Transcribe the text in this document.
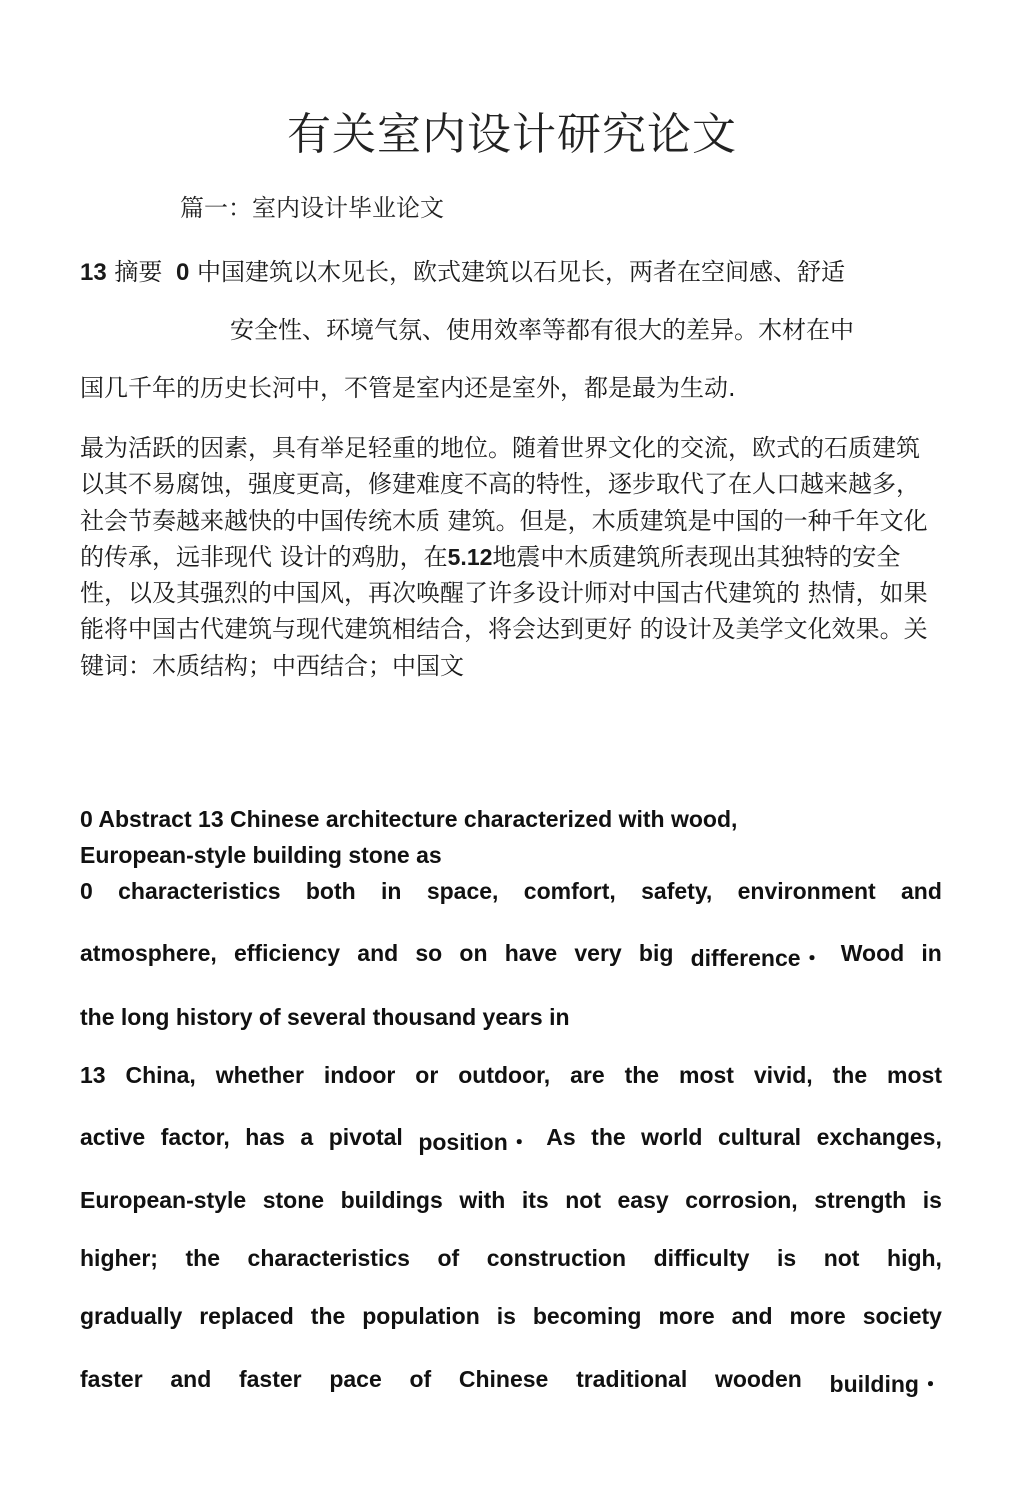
有关室内设计研究论文
篇一：室内设计毕业论文
13 摘要 0 中国建筑以木见长，欧式建筑以石见长，两者在空间感、舒适
安全性、环境气氛、使用效率等都有很大的差异。木材在中
国几千年的历史长河中，不管是室内还是室外，都是最为生动.
最为活跃的因素，具有举足轻重的地位。随着世界文化的交流，欧式的石质建筑以其不易腐蚀，强度更高，修建难度不高的特性，逐步取代了在人口越来越多，社会节奏越来越快的中国传统木质 建筑。但是，木质建筑是中国的一种千年文化的传承，远非现代 设计的鸡肋，在5.12地震中木质建筑所表现出其独特的安全性，以及其强烈的中国风，再次唤醒了许多设计师对中国古代建筑的 热情，如果能将中国古代建筑与现代建筑相结合，将会达到更好 的设计及美学文化效果。关键词：木质结构；中西结合；中国文
0 Abstract 13 Chinese architecture characterized with wood,
European-style building stone as
0 characteristics both in space, comfort, safety, environment and
atmosphere, efficiency and so on have very big difference・ Wood in
the long history of several thousand years in
13 China, whether indoor or outdoor, are the most vivid, the most
active factor, has a pivotal position・ As the world cultural exchanges,
European-style stone buildings with its not easy corrosion, strength is
higher; the characteristics of construction difficulty is not high,
gradually replaced the population is becoming more and more society
faster and faster pace of Chinese traditional wooden building・
